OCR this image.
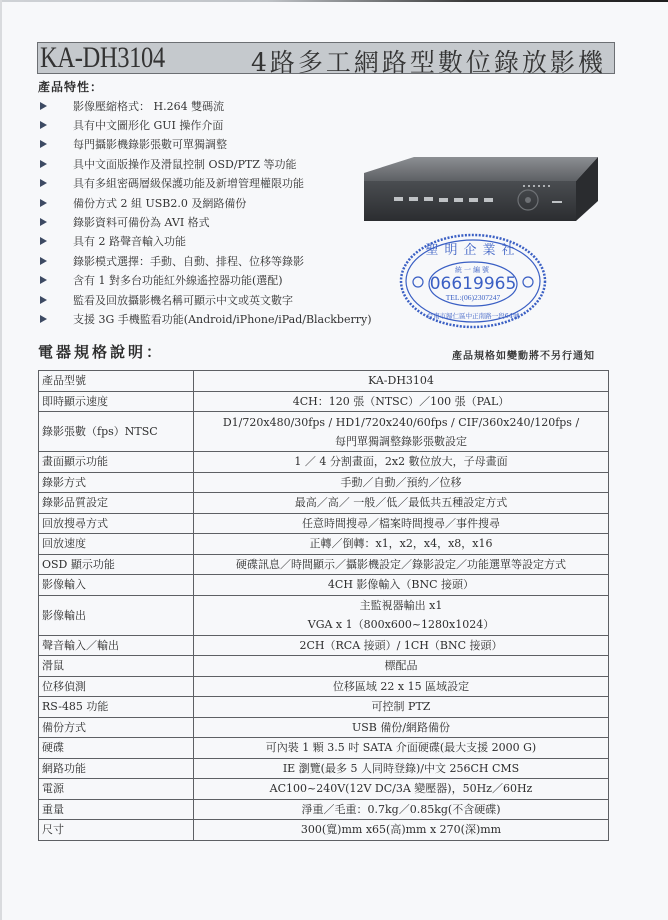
KA-DH3104	4路多工網路型數位錄放影機
產品特性：
影像壓縮格式： H.264 雙碼流
具有中文圖形化 GUI 操作介面
每門攝影機錄影張數可單獨調整
具中文面版操作及滑鼠控制 OSD/PTZ 等功能
具有多組密碼層級保護功能及新增管理權限功能
備份方式 2 組 USB2.0 及網路備份
錄影資料可備份為 AVI 格式
具有 2 路聲音輸入功能
錄影模式選擇：手動、自動、排程、位移等錄影
含有 1 對多台功能紅外線遙控器功能(選配)
監看及回放攝影機名稱可顯示中文或英文數字
支援 3G 手機監看功能(Android/iPhone/iPad/Blackberry)
聖明企業社
統一編號
06619965
TEL:(06)2307247
台南市歸仁區中正南路一段64號
電器規格說明：	產品規格如變動將不另行通知
產品型號	KA-DH3104
即時顯示速度	4CH：120 張（NTSC）／100 張（PAL）
錄影張數（fps）NTSC	D1/720x480/30fps / HD1/720x240/60fps / CIF/360x240/120fps /
每門單獨調整錄影張數設定

畫面顯示功能	1 ／ 4 分割畫面，2x2 數位放大，子母畫面
錄影方式	手動／自動／預約／位移
錄影品質設定	最高／高／ 一般／低／最低共五種設定方式
回放搜尋方式	任意時間搜尋／檔案時間搜尋／事件搜尋
回放速度	正轉／倒轉：x1，x2，x4，x8，x16
OSD 顯示功能	硬碟訊息／時間顯示／攝影機設定／錄影設定／功能選單等設定方式
影像輸入	4CH 影像輸入（BNC 接頭）
影像輸出	主監視器輸出 x1
VGA x 1（800x600~1280x1024）

聲音輸入／輸出	2CH（RCA 接頭）/ 1CH（BNC 接頭）
滑鼠	標配品
位移偵測	位移區域 22 x 15 區域設定
RS-485 功能	可控制 PTZ
備份方式	USB 備份/網路備份
硬碟	可內裝 1 顆 3.5 吋 SATA 介面硬碟(最大支援 2000 G)
網路功能	IE 瀏覽(最多 5 人同時登錄)/中文 256CH CMS
電源	AC100~240V(12V DC/3A 變壓器)，50Hz／60Hz
重量	淨重／毛重：0.7kg／0.85kg(不含硬碟)
尺寸	300(寬)mm x65(高)mm x 270(深)mm
